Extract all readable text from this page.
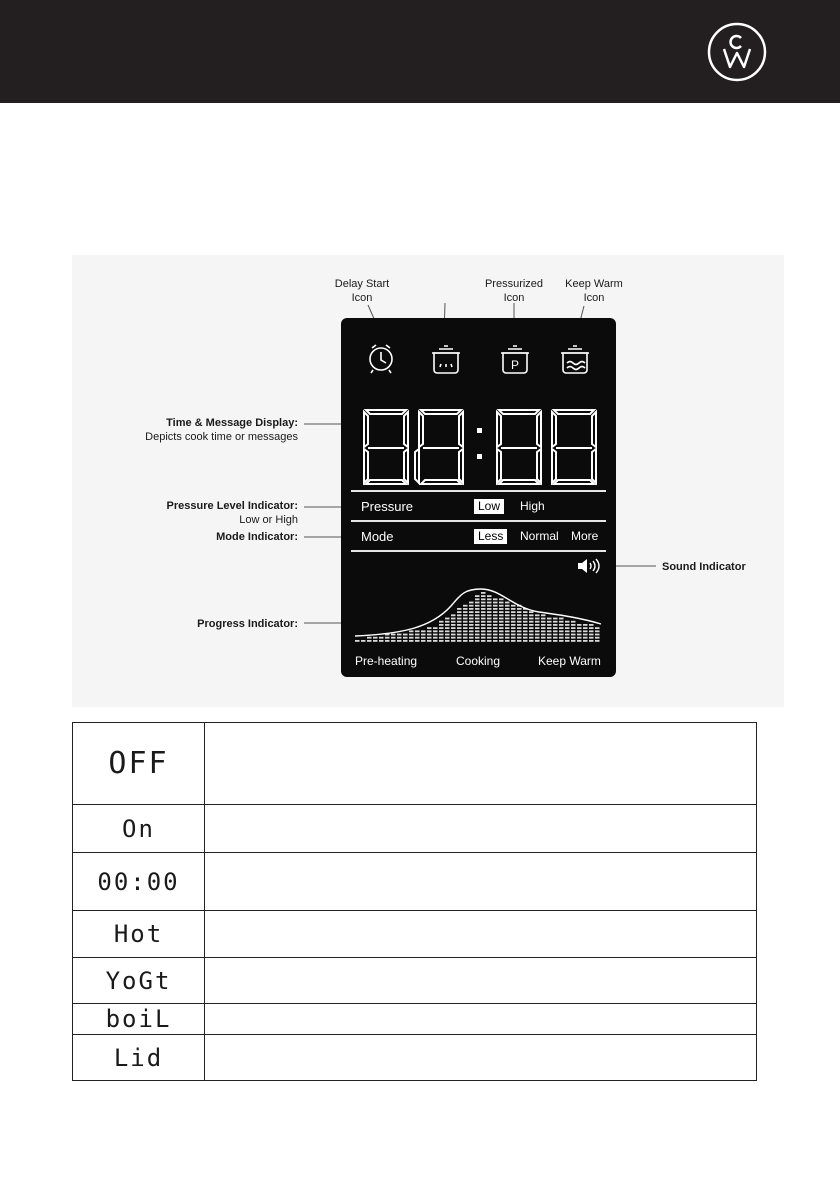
Delay Start
Icon
Pressurized
Icon
Keep Warm
Icon
Time & Message Display:
Depicts cook time or messages
Pressure Level Indicator:
Low or High
Mode Indicator:
Sound Indicator
Progress Indicator:
P
Pressure	Low	High
Mode	Less	Normal More
Pre-heating	Cooking	Keep Warm
OFF	
On	
00:00	
Hot	
YoGt	
boiL	
Lid	
